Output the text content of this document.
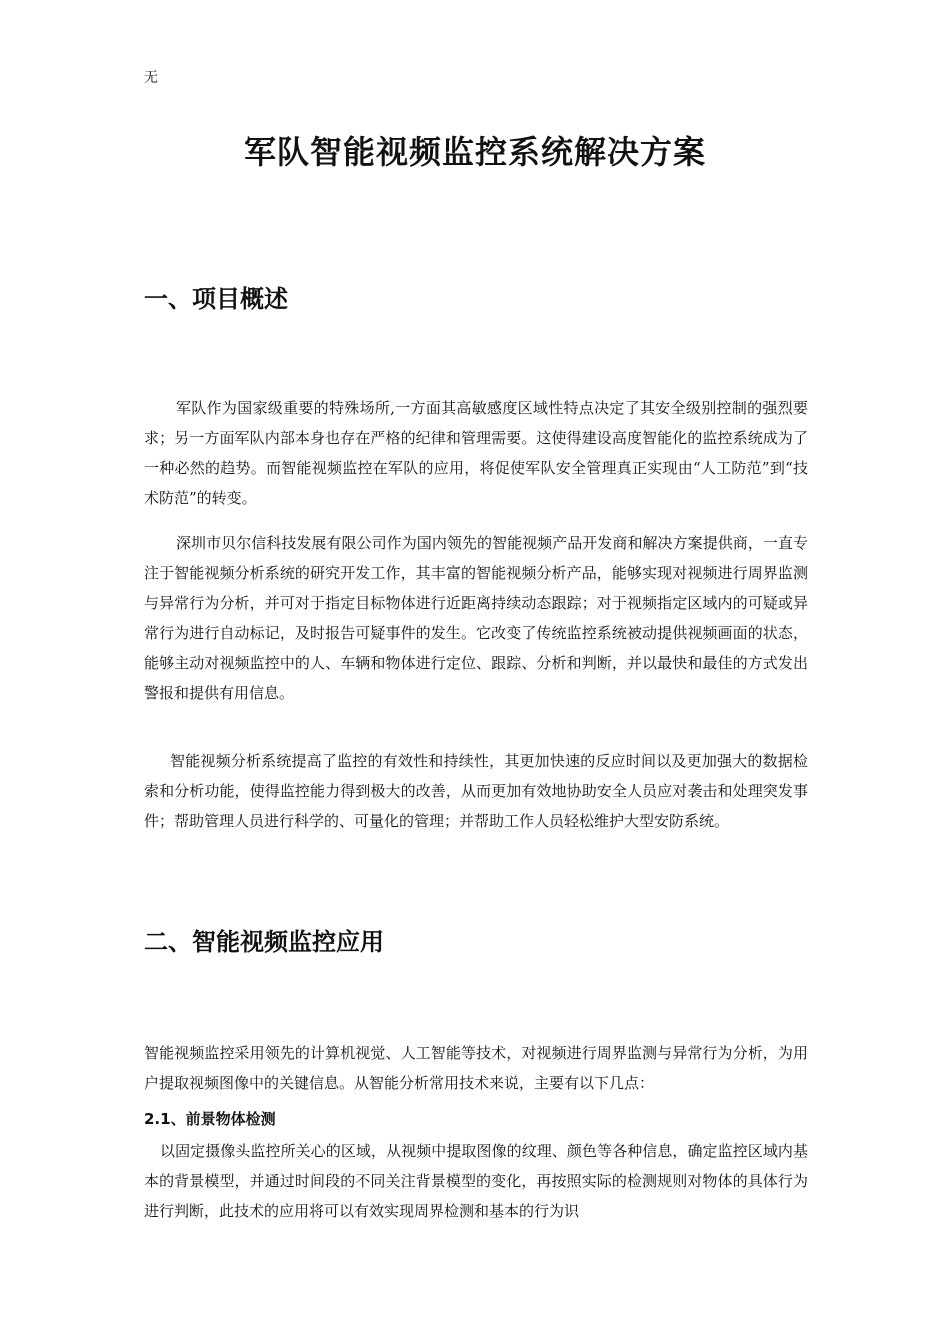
无
军队智能视频监控系统解决方案
一、项目概述

军队作为国家级重要的特殊场所,一方面其高敏感度区域性特点决定了其安全级别控制的强烈要求；另一方面军队内部本身也存在严格的纪律和管理需要。这使得建设高度智能化的监控系统成为了一种必然的趋势。而智能视频监控在军队的应用，将促使军队安全管理真正实现由“人工防范”到“技术防范”的转变。

深圳市贝尔信科技发展有限公司作为国内领先的智能视频产品开发商和解决方案提供商，一直专注于智能视频分析系统的研究开发工作，其丰富的智能视频分析产品，能够实现对视频进行周界监测与异常行为分析，并可对于指定目标物体进行近距离持续动态跟踪；对于视频指定区域内的可疑或异常行为进行自动标记，及时报告可疑事件的发生。它改变了传统监控系统被动提供视频画面的状态，能够主动对视频监控中的人、车辆和物体进行定位、跟踪、分析和判断，并以最快和最佳的方式发出警报和提供有用信息。

智能视频分析系统提高了监控的有效性和持续性，其更加快速的反应时间以及更加强大的数据检索和分析功能，使得监控能力得到极大的改善，从而更加有效地协助安全人员应对袭击和处理突发事件；帮助管理人员进行科学的、可量化的管理；并帮助工作人员轻松维护大型安防系统。

二、智能视频监控应用

智能视频监控采用领先的计算机视觉、人工智能等技术，对视频进行周界监测与异常行为分析，为用户提取视频图像中的关键信息。从智能分析常用技术来说，主要有以下几点：

2.1、前景物体检测

以固定摄像头监控所关心的区域，从视频中提取图像的纹理、颜色等各种信息，确定监控区域内基本的背景模型，并通过时间段的不同关注背景模型的变化，再按照实际的检测规则对物体的具体行为进行判断，此技术的应用将可以有效实现周界检测和基本的行为识
